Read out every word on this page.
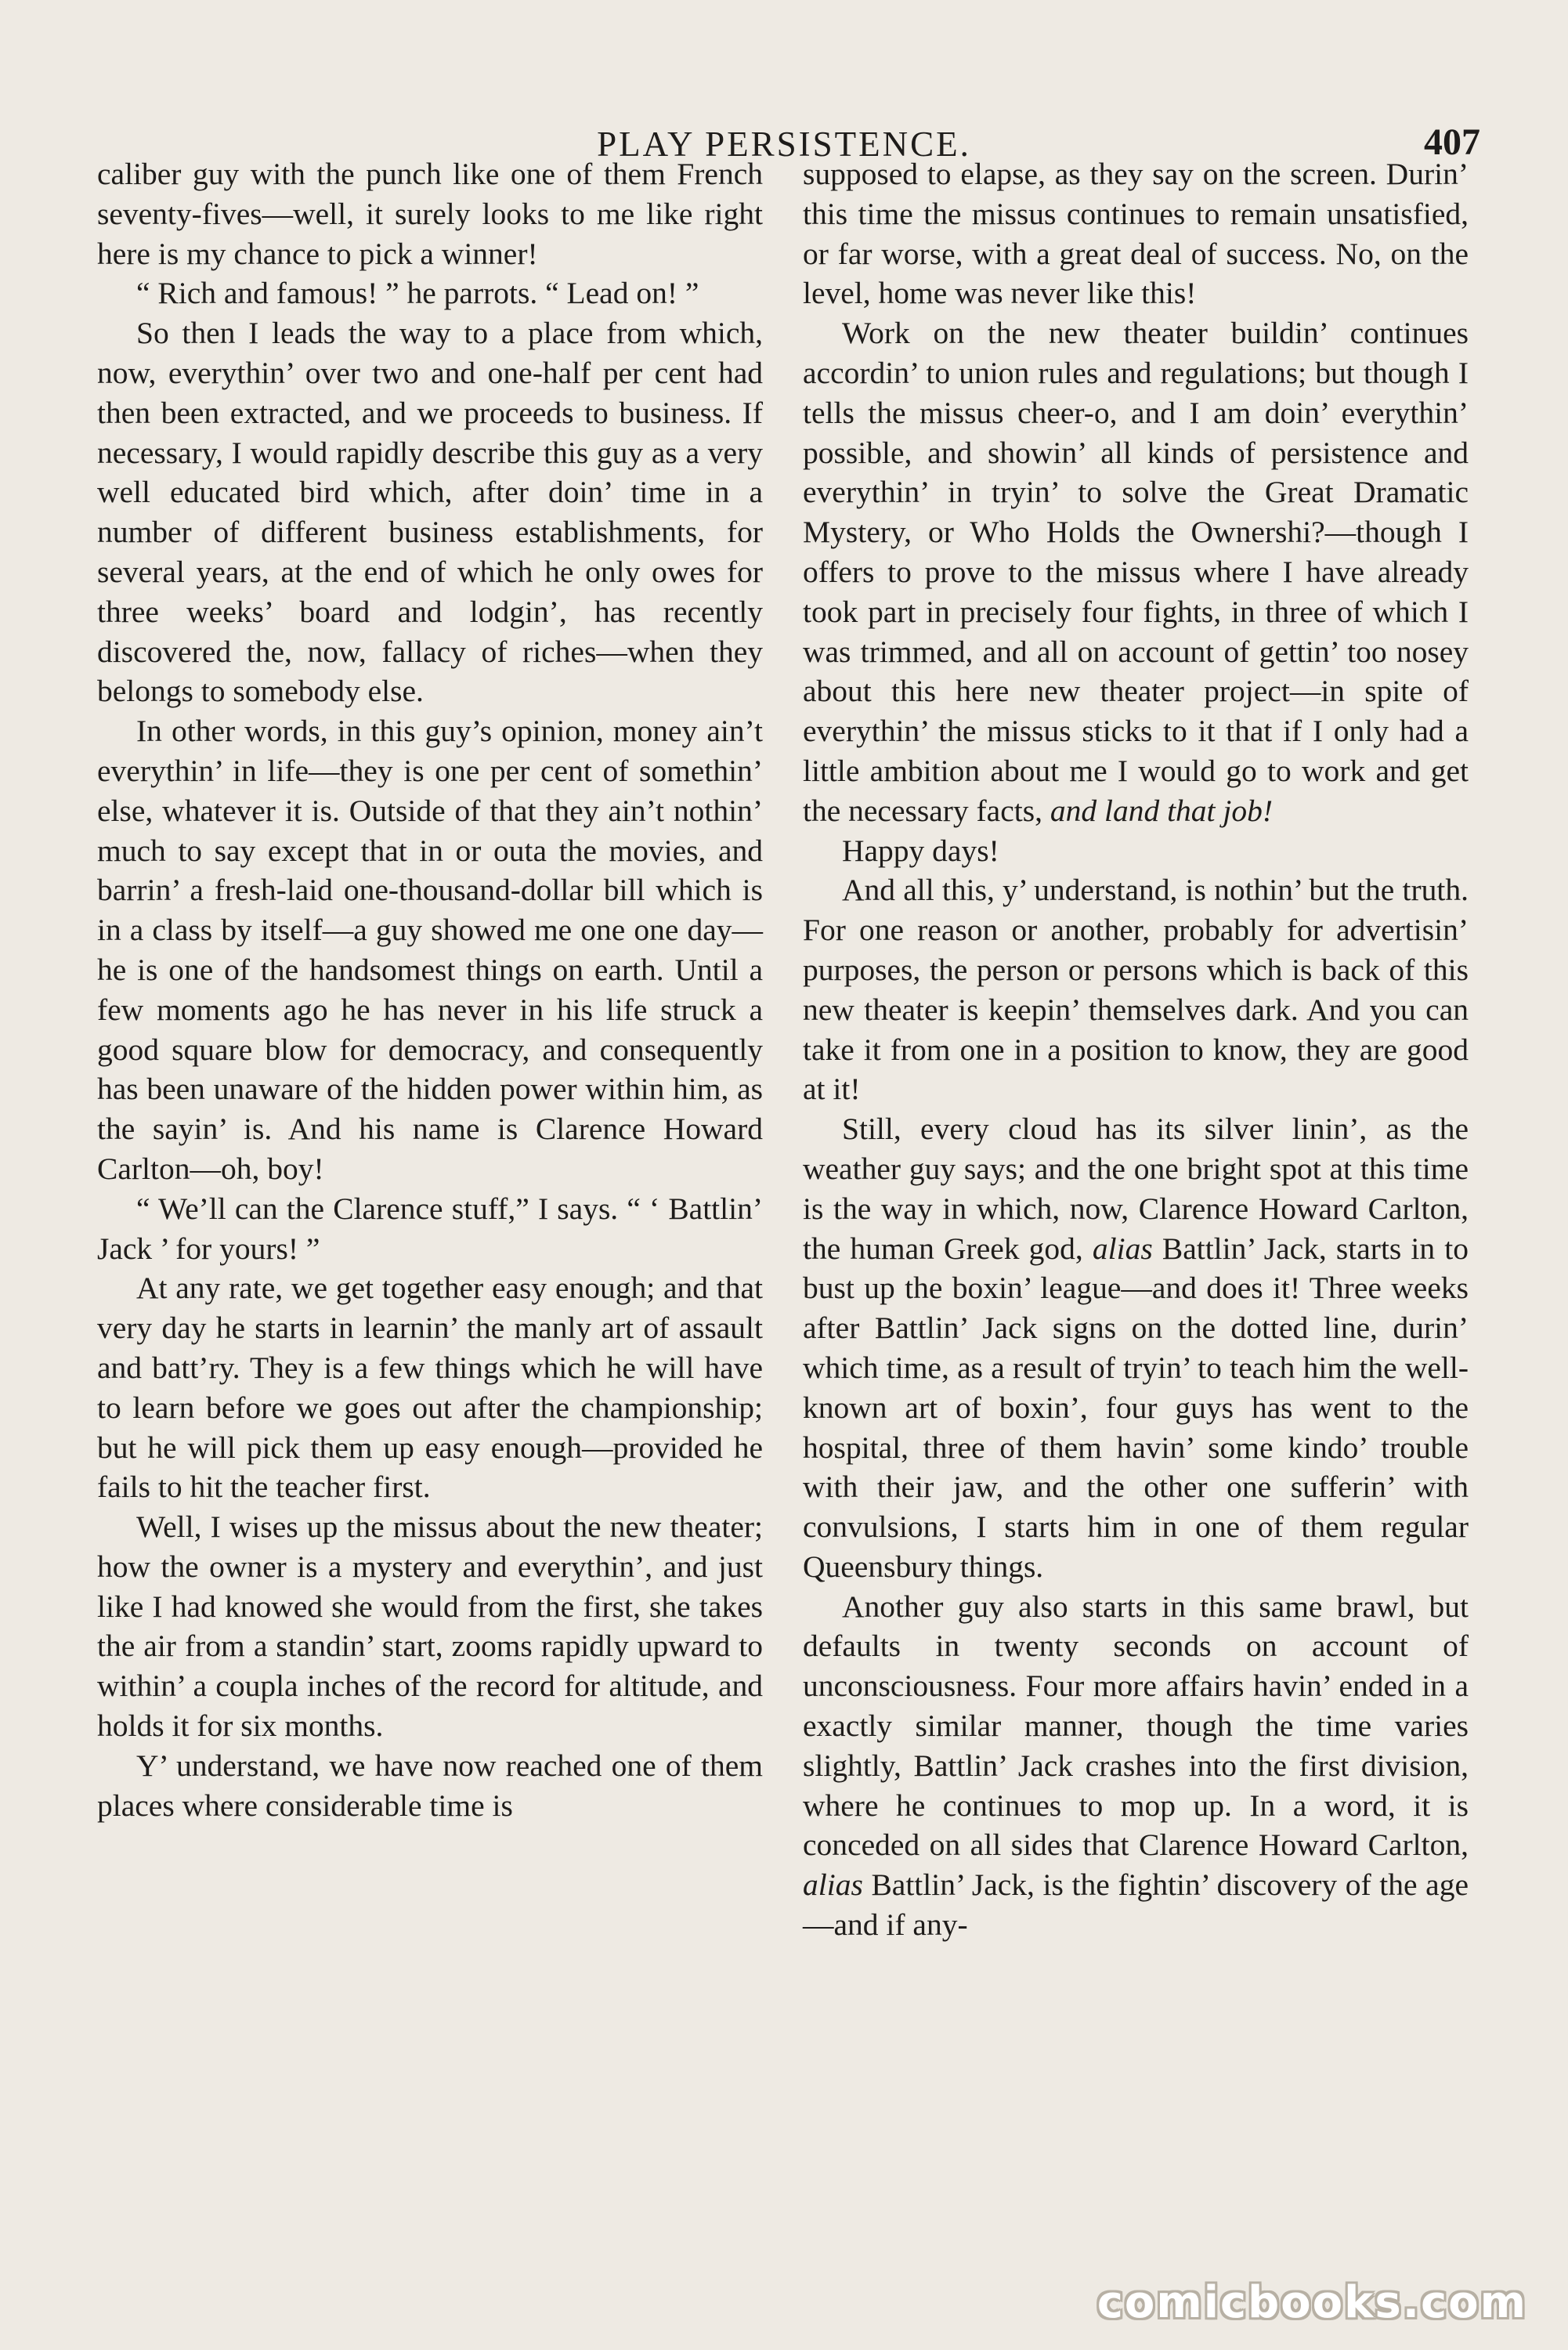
PLAY PERSISTENCE.	407

caliber guy with the punch like one of them French seventy-fives—well, it surely looks to me like right here is my chance to pick a winner!

“ Rich and famous! ” he parrots. “ Lead on! ”

So then I leads the way to a place from which, now, everythin’ over two and one-half per cent had then been extracted, and we proceeds to business. If necessary, I would rapidly describe this guy as a very well educated bird which, after doin’ time in a number of different business establishments, for several years, at the end of which he only owes for three weeks’ board and lodgin’, has recently discovered the, now, fallacy of riches—when they belongs to somebody else.

In other words, in this guy’s opinion, money ain’t everythin’ in life—they is one per cent of somethin’ else, whatever it is. Outside of that they ain’t nothin’ much to say except that in or outa the movies, and barrin’ a fresh-laid one-thousand-dollar bill which is in a class by itself—a guy showed me one one day—he is one of the handsomest things on earth. Until a few moments ago he has never in his life struck a good square blow for democracy, and consequently has been unaware of the hidden power within him, as the sayin’ is. And his name is Clarence Howard Carlton—oh, boy!

“ We’ll can the Clarence stuff,” I says. “ ‘ Battlin’ Jack ’ for yours! ”

At any rate, we get together easy enough; and that very day he starts in learnin’ the manly art of assault and batt’ry. They is a few things which he will have to learn before we goes out after the championship; but he will pick them up easy enough—provided he fails to hit the teacher first.

Well, I wises up the missus about the new theater; how the owner is a mystery and everythin’, and just like I had knowed she would from the first, she takes the air from a standin’ start, zooms rapidly upward to within’ a coupla inches of the record for altitude, and holds it for six months.

Y’ understand, we have now reached one of them places where considerable time is

supposed to elapse, as they say on the screen. Durin’ this time the missus continues to remain unsatisfied, or far worse, with a great deal of success. No, on the level, home was never like this!

Work on the new theater buildin’ continues accordin’ to union rules and regulations; but though I tells the missus cheer-o, and I am doin’ everythin’ possible, and showin’ all kinds of persistence and everythin’ in tryin’ to solve the Great Dramatic Mystery, or Who Holds the Ownershi?—though I offers to prove to the missus where I have already took part in precisely four fights, in three of which I was trimmed, and all on account of gettin’ too nosey about this here new theater project—in spite of everythin’ the missus sticks to it that if I only had a little ambition about me I would go to work and get the necessary facts, and land that job!

Happy days!

And all this, y’ understand, is nothin’ but the truth. For one reason or another, probably for advertisin’ purposes, the person or persons which is back of this new theater is keepin’ themselves dark. And you can take it from one in a position to know, they are good at it!

Still, every cloud has its silver linin’, as the weather guy says; and the one bright spot at this time is the way in which, now, Clarence Howard Carlton, the human Greek god, alias Battlin’ Jack, starts in to bust up the boxin’ league—and does it! Three weeks after Battlin’ Jack signs on the dotted line, durin’ which time, as a result of tryin’ to teach him the well-known art of boxin’, four guys has went to the hospital, three of them havin’ some kindo’ trouble with their jaw, and the other one sufferin’ with convulsions, I starts him in one of them regular Queensbury things.

Another guy also starts in this same brawl, but defaults in twenty seconds on account of unconsciousness. Four more affairs havin’ ended in a exactly similar manner, though the time varies slightly, Battlin’ Jack crashes into the first division, where he continues to mop up. In a word, it is conceded on all sides that Clarence Howard Carlton, alias Battlin’ Jack, is the fightin’ discovery of the age—and if any-

comicbooks.com
